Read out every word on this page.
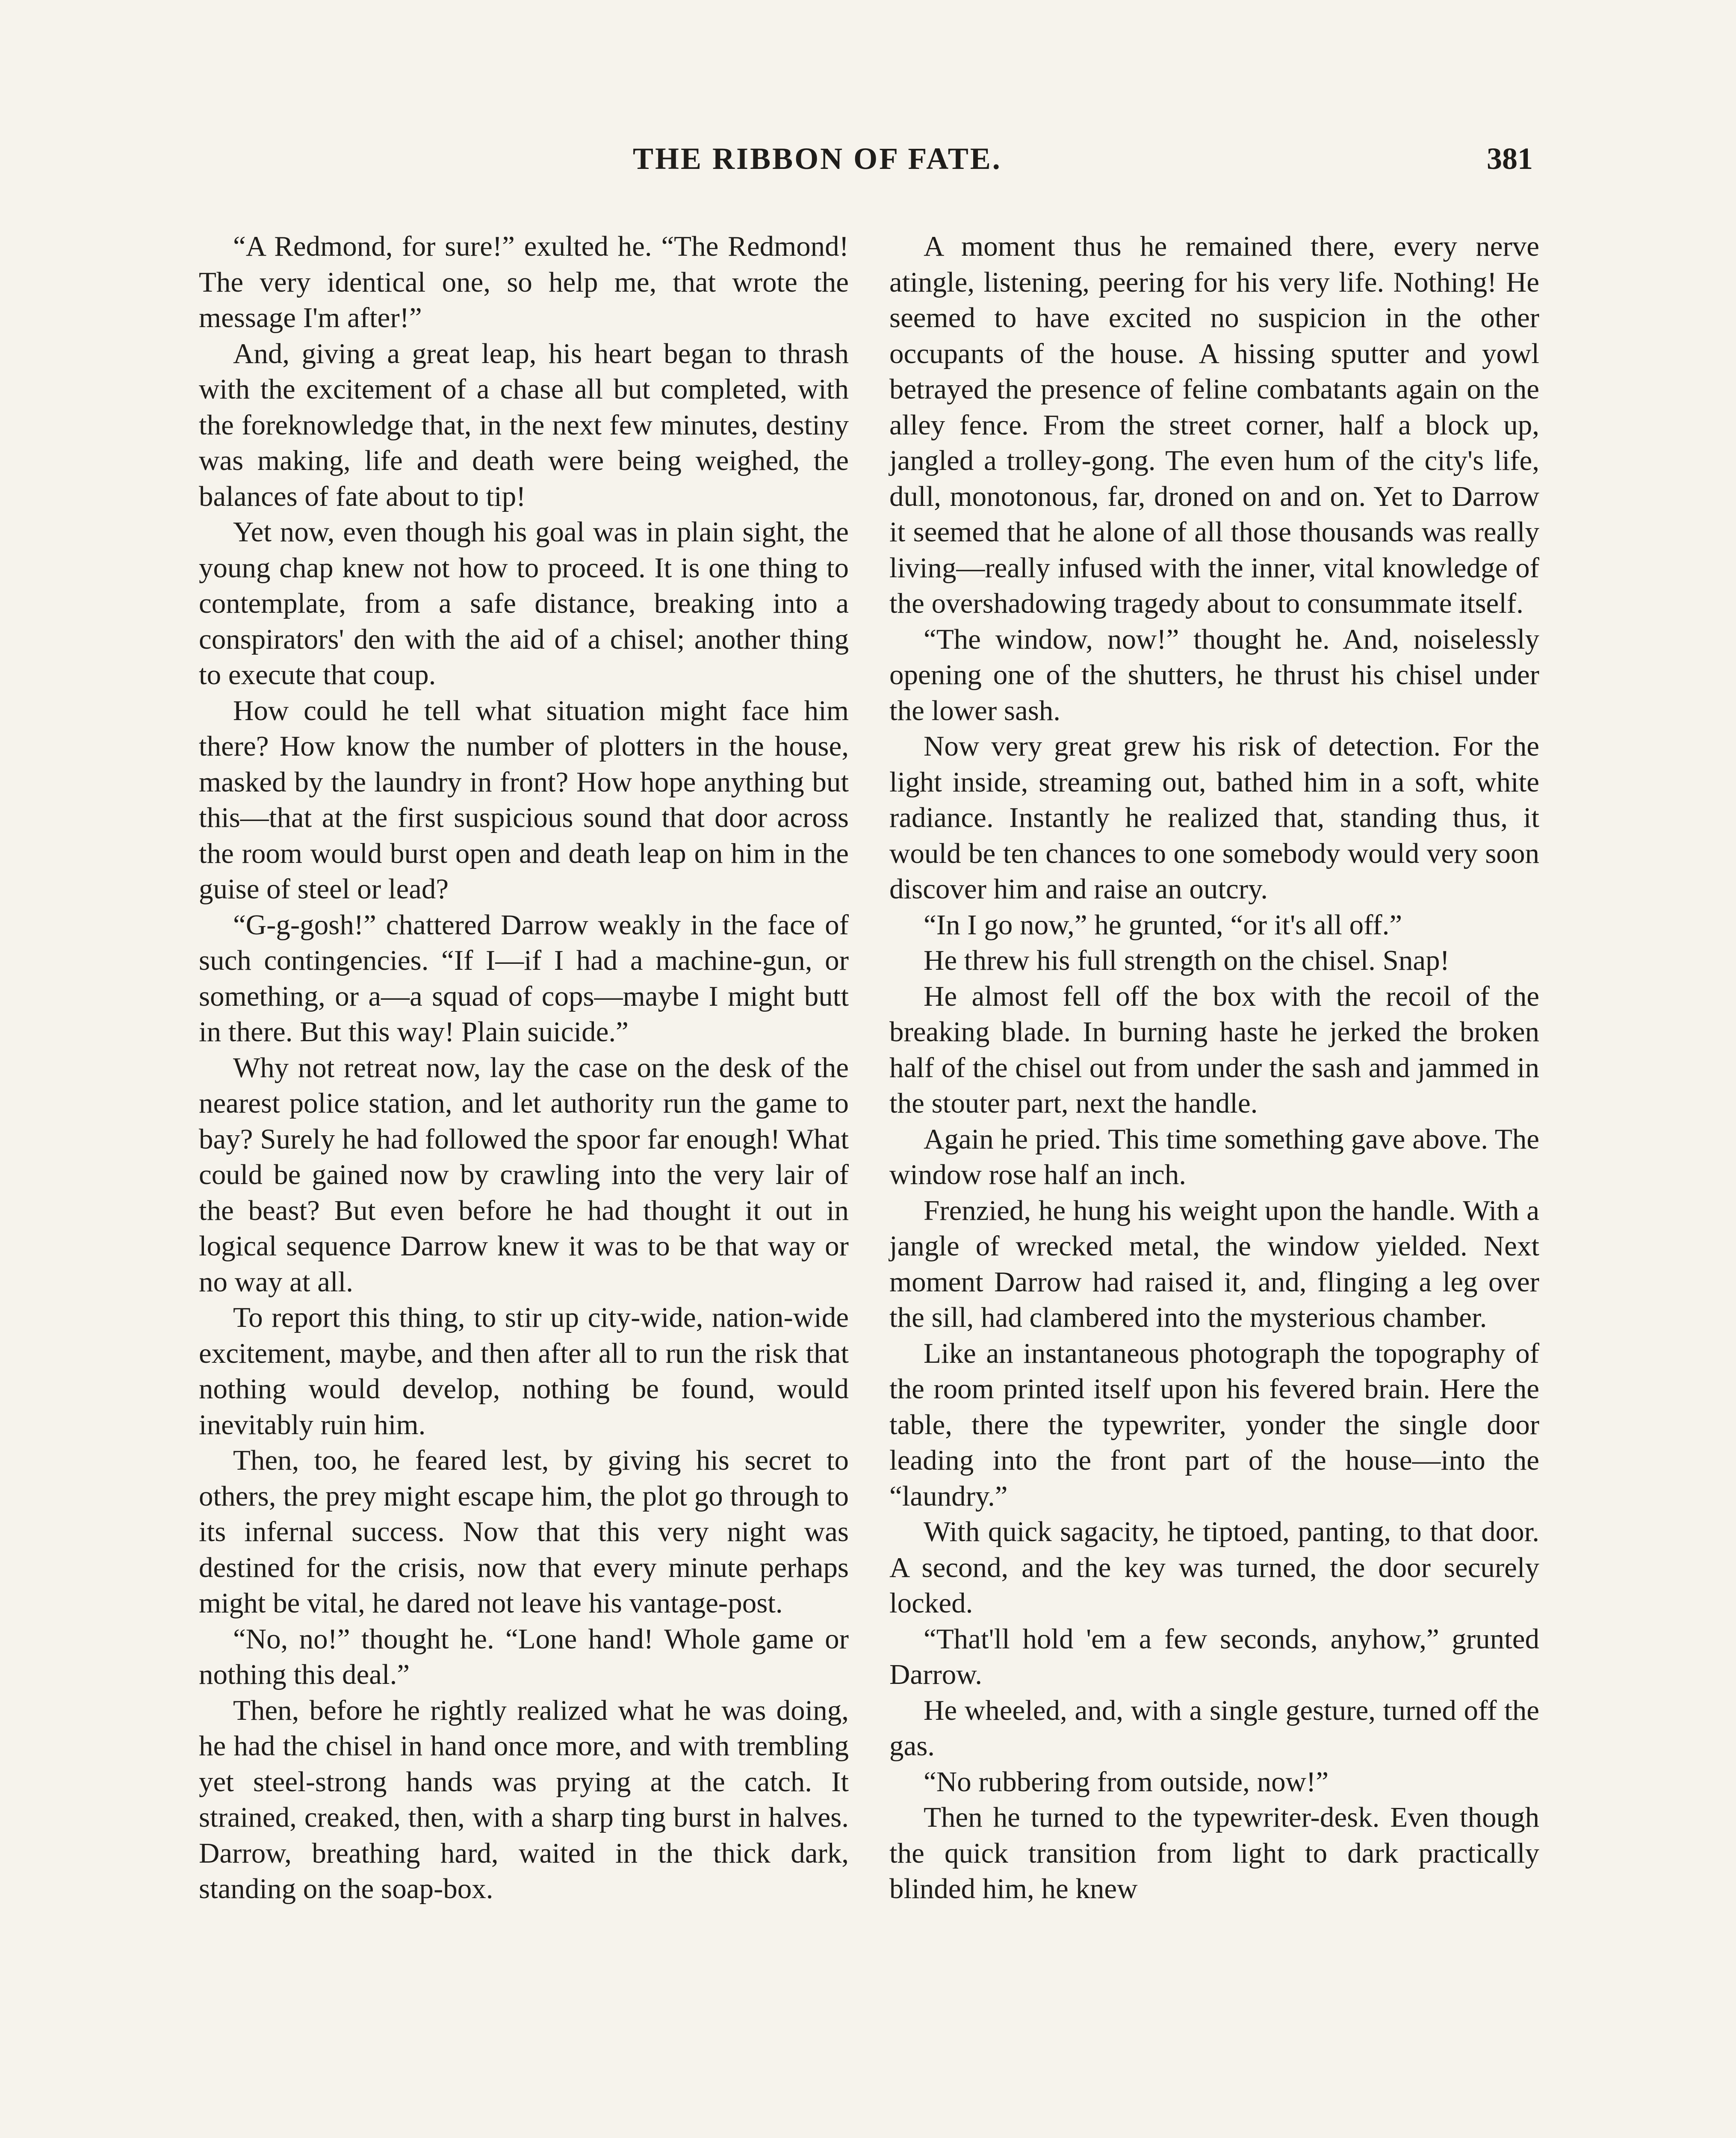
THE RIBBON OF FATE.	381

“A Redmond, for sure!” exulted he. “The Redmond! The very identical one, so help me, that wrote the message I'm after!”

And, giving a great leap, his heart began to thrash with the excitement of a chase all but completed, with the foreknowledge that, in the next few minutes, destiny was making, life and death were being weighed, the balances of fate about to tip!

Yet now, even though his goal was in plain sight, the young chap knew not how to proceed. It is one thing to contemplate, from a safe distance, breaking into a conspirators' den with the aid of a chisel; another thing to execute that coup.

How could he tell what situation might face him there? How know the number of plotters in the house, masked by the laundry in front? How hope anything but this—that at the first suspicious sound that door across the room would burst open and death leap on him in the guise of steel or lead?

“G-g-gosh!” chattered Darrow weakly in the face of such contingencies. “If I—if I had a machine-gun, or something, or a—a squad of cops—maybe I might butt in there. But this way! Plain suicide.”

Why not retreat now, lay the case on the desk of the nearest police station, and let authority run the game to bay? Surely he had followed the spoor far enough! What could be gained now by crawling into the very lair of the beast? But even before he had thought it out in logical sequence Darrow knew it was to be that way or no way at all.

To report this thing, to stir up city-wide, nation-wide excitement, maybe, and then after all to run the risk that nothing would develop, nothing be found, would inevitably ruin him.

Then, too, he feared lest, by giving his secret to others, the prey might escape him, the plot go through to its infernal success. Now that this very night was destined for the crisis, now that every minute perhaps might be vital, he dared not leave his vantage-post.

“No, no!” thought he. “Lone hand! Whole game or nothing this deal.”

Then, before he rightly realized what he was doing, he had the chisel in hand once more, and with trembling yet steel-strong hands was prying at the catch. It strained, creaked, then, with a sharp ting burst in halves. Darrow, breathing hard, waited in the thick dark, standing on the soap-box.

A moment thus he remained there, every nerve atingle, listening, peering for his very life. Nothing! He seemed to have excited no suspicion in the other occupants of the house. A hissing sputter and yowl betrayed the presence of feline combatants again on the alley fence. From the street corner, half a block up, jangled a trolley-gong. The even hum of the city's life, dull, monotonous, far, droned on and on. Yet to Darrow it seemed that he alone of all those thousands was really living—really infused with the inner, vital knowledge of the overshadowing tragedy about to consummate itself.

“The window, now!” thought he. And, noiselessly opening one of the shutters, he thrust his chisel under the lower sash.

Now very great grew his risk of detection. For the light inside, streaming out, bathed him in a soft, white radiance. Instantly he realized that, standing thus, it would be ten chances to one somebody would very soon discover him and raise an outcry.

“In I go now,” he grunted, “or it's all off.”

He threw his full strength on the chisel. Snap!

He almost fell off the box with the recoil of the breaking blade. In burning haste he jerked the broken half of the chisel out from under the sash and jammed in the stouter part, next the handle.

Again he pried. This time something gave above. The window rose half an inch.

Frenzied, he hung his weight upon the handle. With a jangle of wrecked metal, the window yielded. Next moment Darrow had raised it, and, flinging a leg over the sill, had clambered into the mysterious chamber.

Like an instantaneous photograph the topography of the room printed itself upon his fevered brain. Here the table, there the typewriter, yonder the single door leading into the front part of the house—into the “laundry.”

With quick sagacity, he tiptoed, panting, to that door. A second, and the key was turned, the door securely locked.

“That'll hold 'em a few seconds, anyhow,” grunted Darrow.

He wheeled, and, with a single gesture, turned off the gas.

“No rubbering from outside, now!”

Then he turned to the typewriter-desk. Even though the quick transition from light to dark practically blinded him, he knew
